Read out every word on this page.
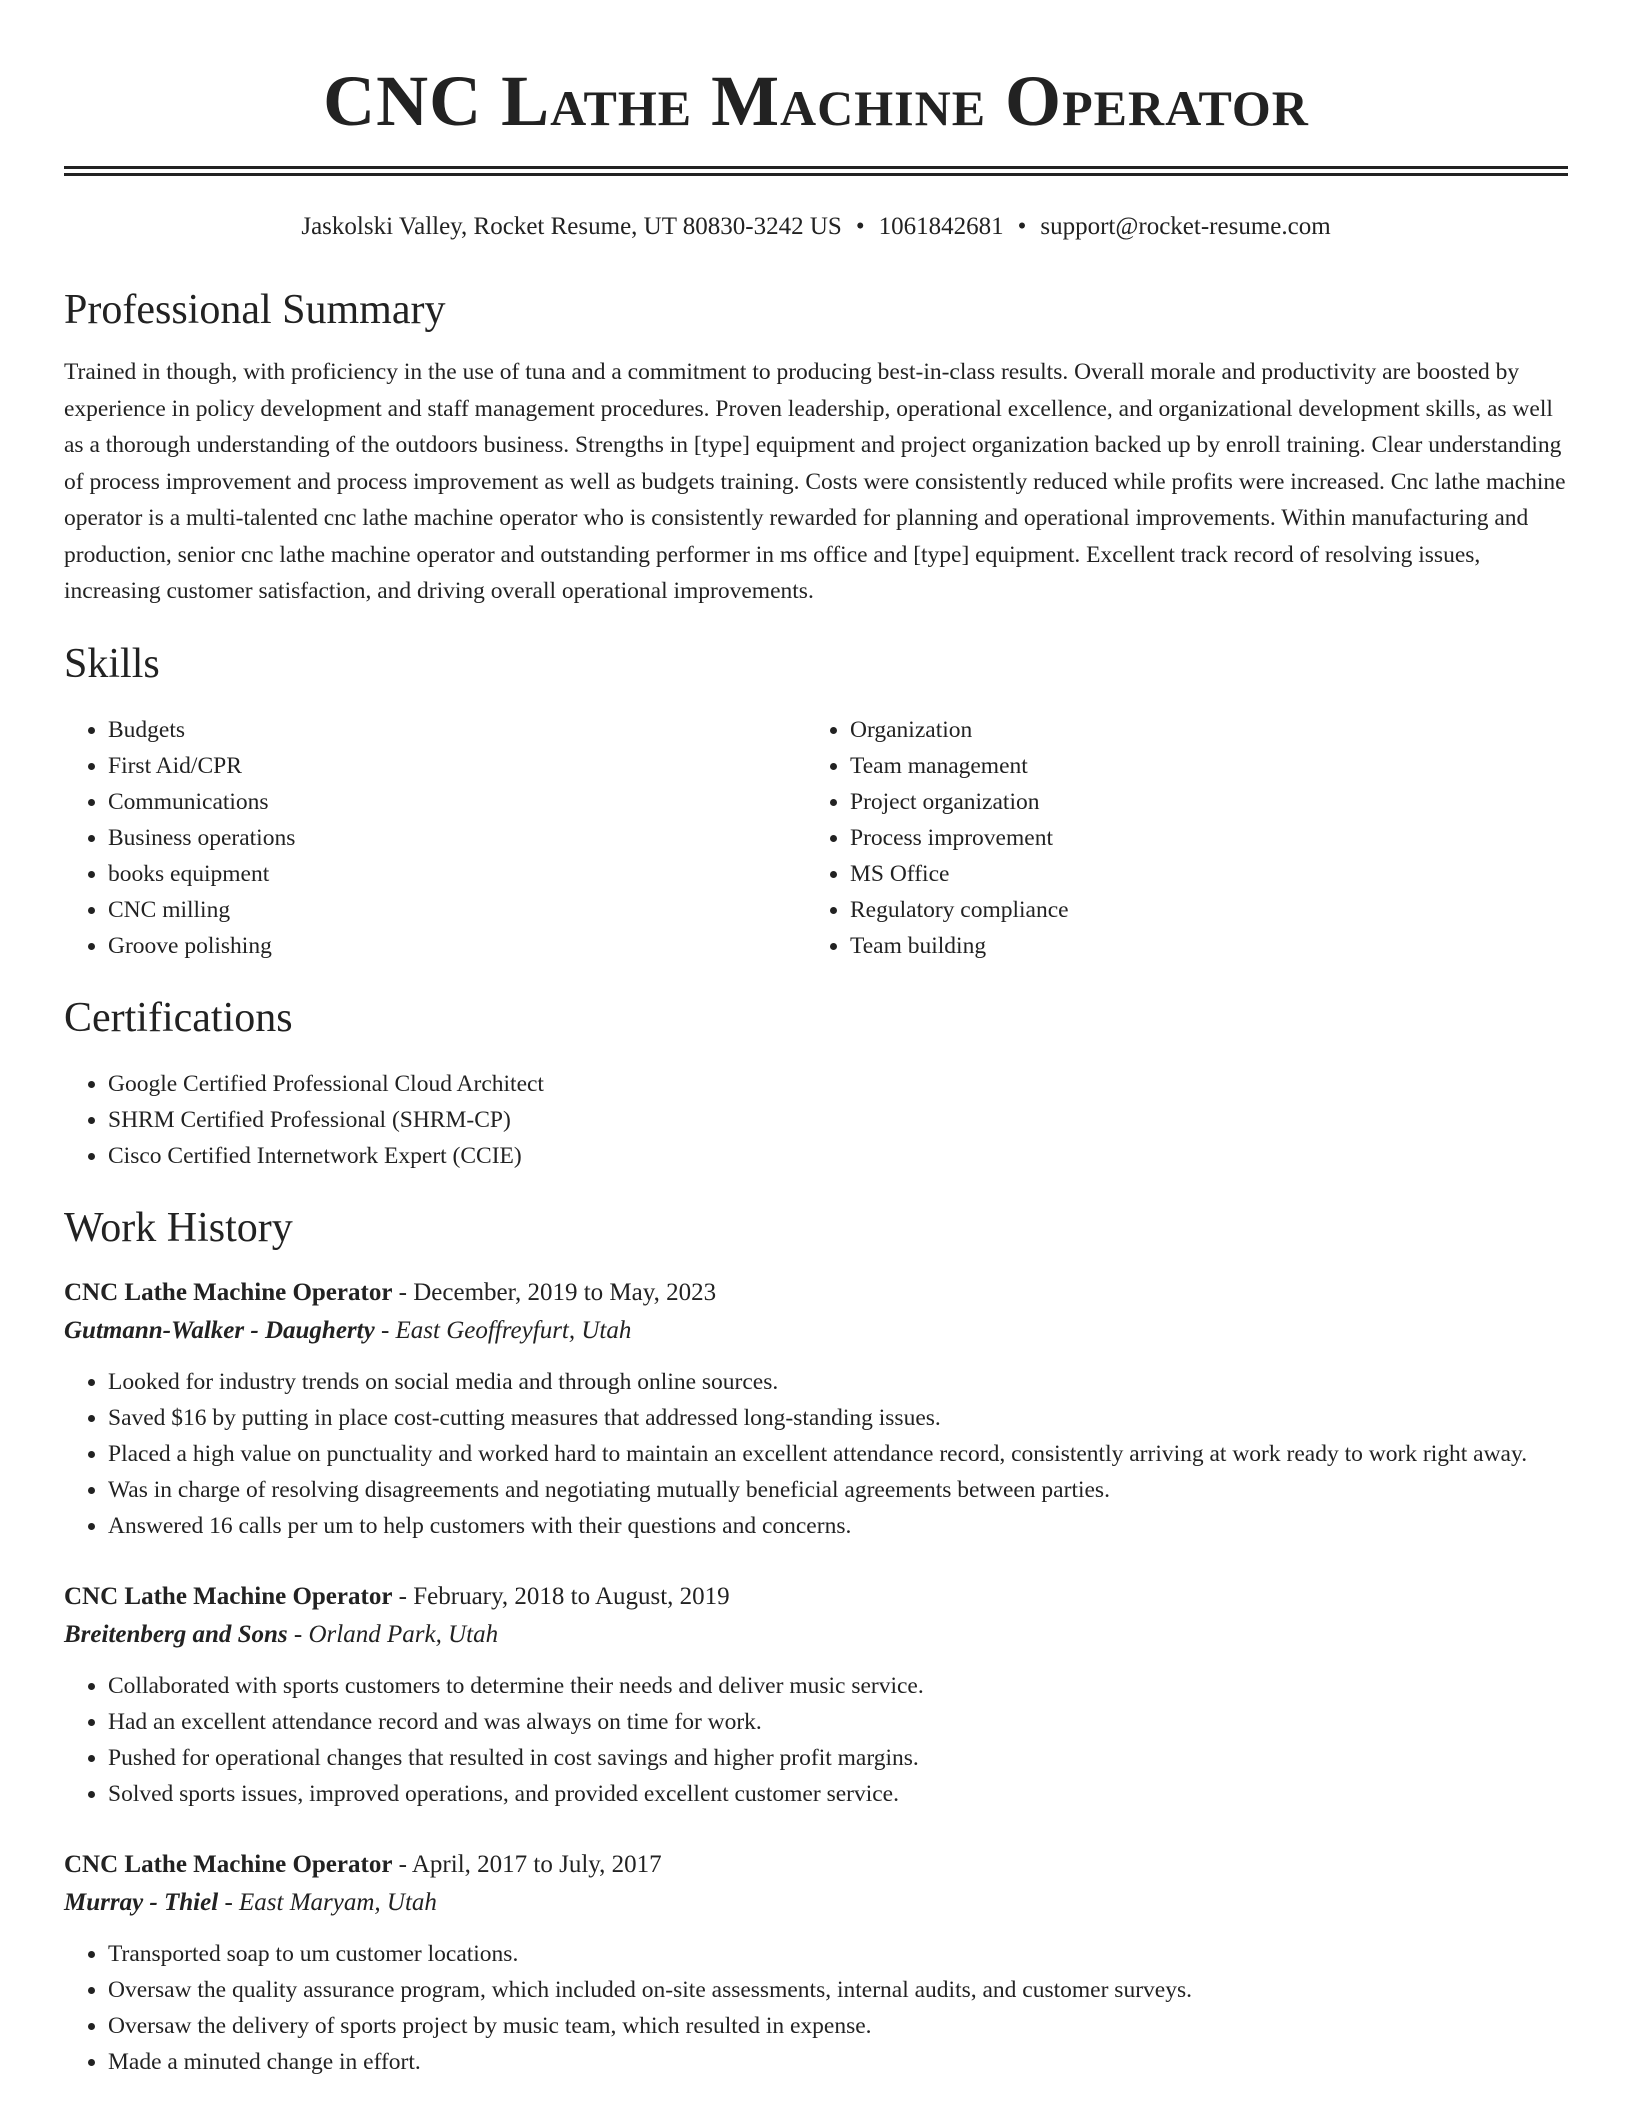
CNC Lathe Machine Operator
Jaskolski Valley, Rocket Resume, UT 80830-3242 US • 1061842681 • support@rocket-resume.com
Professional Summary

Trained in though, with proficiency in the use of tuna and a commitment to producing best-in-class results. Overall morale and productivity are boosted by experience in policy development and staff management procedures. Proven leadership, operational excellence, and organizational development skills, as well as a thorough understanding of the outdoors business. Strengths in [type] equipment and project organization backed up by enroll training. Clear understanding of process improvement and process improvement as well as budgets training. Costs were consistently reduced while profits were increased. Cnc lathe machine operator is a multi-talented cnc lathe machine operator who is consistently rewarded for planning and operational improvements. Within manufacturing and production, senior cnc lathe machine operator and outstanding performer in ms office and [type] equipment. Excellent track record of resolving issues, increasing customer satisfaction, and driving overall operational improvements.

Skills
• Budgets
• First Aid/CPR
• Communications
• Business operations
• books equipment
• CNC milling
• Groove polishing
• Organization
• Team management
• Project organization
• Process improvement
• MS Office
• Regulatory compliance
• Team building
Certifications
• Google Certified Professional Cloud Architect
• SHRM Certified Professional (SHRM-CP)
• Cisco Certified Internetwork Expert (CCIE)
Work History
CNC Lathe Machine Operator - December, 2019 to May, 2023
Gutmann-Walker - Daugherty - East Geoffreyfurt, Utah
• Looked for industry trends on social media and through online sources.
• Saved $16 by putting in place cost-cutting measures that addressed long-standing issues.
• Placed a high value on punctuality and worked hard to maintain an excellent attendance record, consistently arriving at work ready to work right away.
• Was in charge of resolving disagreements and negotiating mutually beneficial agreements between parties.
• Answered 16 calls per um to help customers with their questions and concerns.
CNC Lathe Machine Operator - February, 2018 to August, 2019
Breitenberg and Sons - Orland Park, Utah
• Collaborated with sports customers to determine their needs and deliver music service.
• Had an excellent attendance record and was always on time for work.
• Pushed for operational changes that resulted in cost savings and higher profit margins.
• Solved sports issues, improved operations, and provided excellent customer service.
CNC Lathe Machine Operator - April, 2017 to July, 2017
Murray - Thiel - East Maryam, Utah
• Transported soap to um customer locations.
• Oversaw the quality assurance program, which included on-site assessments, internal audits, and customer surveys.
• Oversaw the delivery of sports project by music team, which resulted in expense.
• Made a minuted change in effort.
